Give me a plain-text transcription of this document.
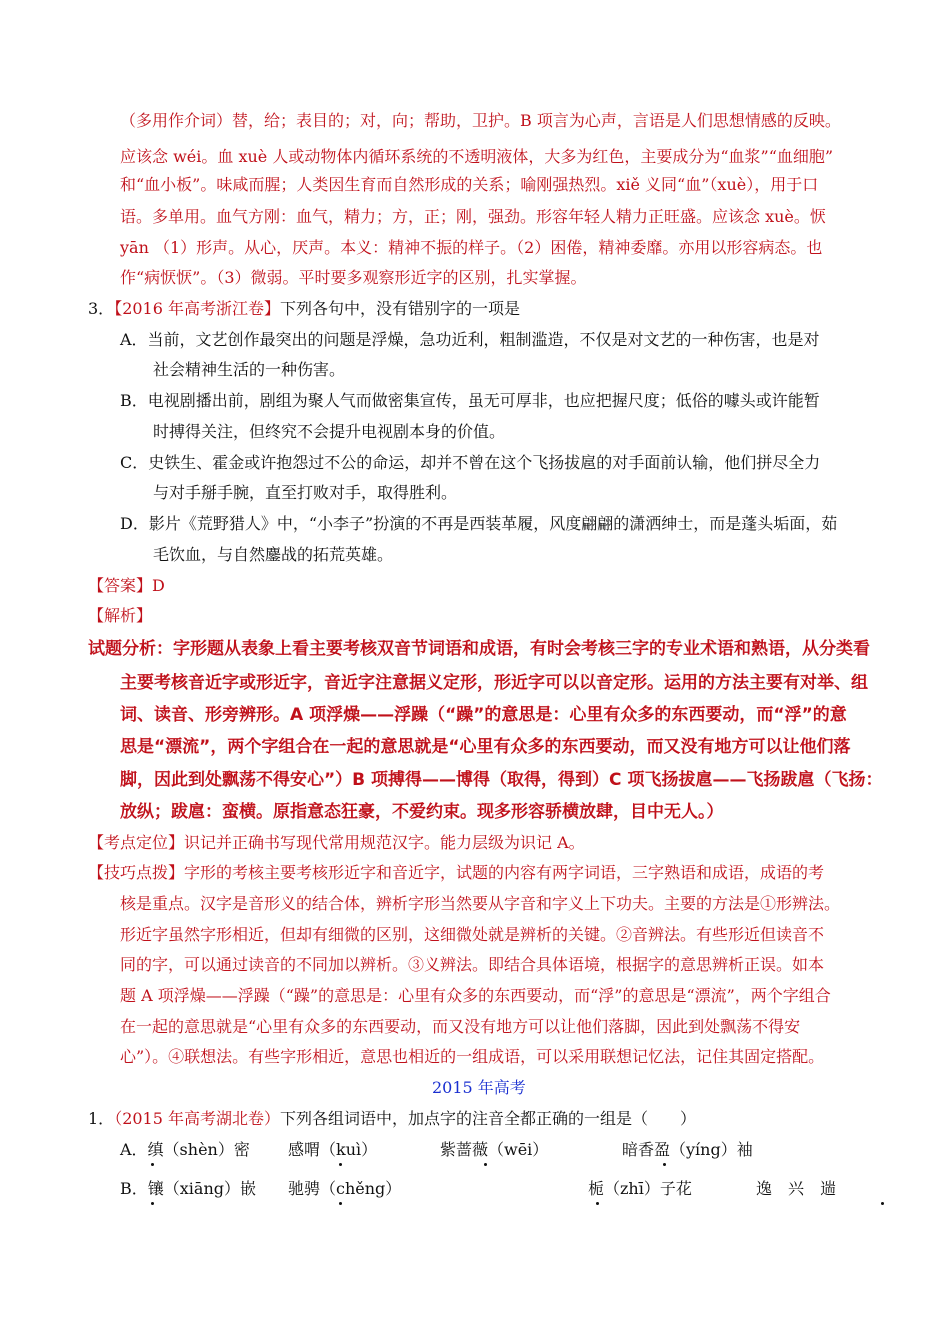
（多用作介词）替，给；表目的；对，向；帮助，卫护。B 项言为心声，言语是人们思想情感的反映。
应该念 wéi。血 xuè 人或动物体内循环系统的不透明液体，大多为红色，主要成分为“血浆”“血细胞”
和“血小板”。味咸而腥；人类因生育而自然形成的关系；喻刚强热烈。xiě 义同“血”（xuè），用于口
语。多单用。血气方刚：血气，精力；方，正；刚，强劲。形容年轻人精力正旺盛。应该念 xuè。恹
yān （1）形声。从心，厌声。本义：精神不振的样子。（2）困倦，精神委靡。亦用以形容病态。也
作“病恹恹”。（3）微弱。平时要多观察形近字的区别，扎实掌握。
3．【2016 年高考浙江卷】下列各句中，没有错别字的一项是
A．当前，文艺创作最突出的问题是浮燥，急功近利，粗制滥造，不仅是对文艺的一种伤害，也是对
社会精神生活的一种伤害。
B．电视剧播出前，剧组为聚人气而做密集宣传，虽无可厚非，也应把握尺度；低俗的噱头或许能暂
时搏得关注，但终究不会提升电视剧本身的价值。
C．史铁生、霍金或许抱怨过不公的命运，却并不曾在这个飞扬拔扈的对手面前认输，他们拼尽全力
与对手掰手腕，直至打败对手，取得胜利。
D．影片《荒野猎人》中，“小李子”扮演的不再是西装革履，风度翩翩的潇洒绅士，而是蓬头垢面，茹
毛饮血，与自然鏖战的拓荒英雄。
【答案】D
【解析】
试题分析：字形题从表象上看主要考核双音节词语和成语，有时会考核三字的专业术语和熟语，从分类看
主要考核音近字或形近字，音近字注意据义定形，形近字可以以音定形。运用的方法主要有对举、组
词、读音、形旁辨形。A 项浮燥——浮躁（“躁”的意思是：心里有众多的东西要动，而“浮”的意
思是“漂流”，两个字组合在一起的意思就是“心里有众多的东西要动，而又没有地方可以让他们落
脚，因此到处飘荡不得安心”）B 项搏得——博得（取得，得到）C 项飞扬拔扈——飞扬跋扈（飞扬：
放纵；跋扈：蛮横。原指意态狂豪，不爱约束。现多形容骄横放肆，目中无人。）
【考点定位】识记并正确书写现代常用规范汉字。能力层级为识记 A。
【技巧点拨】字形的考核主要考核形近字和音近字，试题的内容有两字词语，三字熟语和成语，成语的考
核是重点。汉字是音形义的结合体，辨析字形当然要从字音和字义上下功夫。主要的方法是①形辨法。
形近字虽然字形相近，但却有细微的区别，这细微处就是辨析的关键。②音辨法。有些形近但读音不
同的字，可以通过读音的不同加以辨析。③义辨法。即结合具体语境，根据字的意思辨析正误。如本
题 A 项浮燥——浮躁（“躁”的意思是：心里有众多的东西要动，而“浮”的意思是“漂流”，两个字组合
在一起的意思就是“心里有众多的东西要动，而又没有地方可以让他们落脚，因此到处飘荡不得安
心”）。④联想法。有些字形相近，意思也相近的一组成语，可以采用联想记忆法，记住其固定搭配。
2015 年高考
1．（2015 年高考湖北卷）下列各组词语中，加点字的注音全都正确的一组是（　　）
A．缜（shèn）密 感喟（kuì）	紫蔷薇（wēi）	暗香盈（yíng）袖
B．镶（xiāng）嵌 驰骋（chěng）	栀（zhī）子花	逸　兴　遄
